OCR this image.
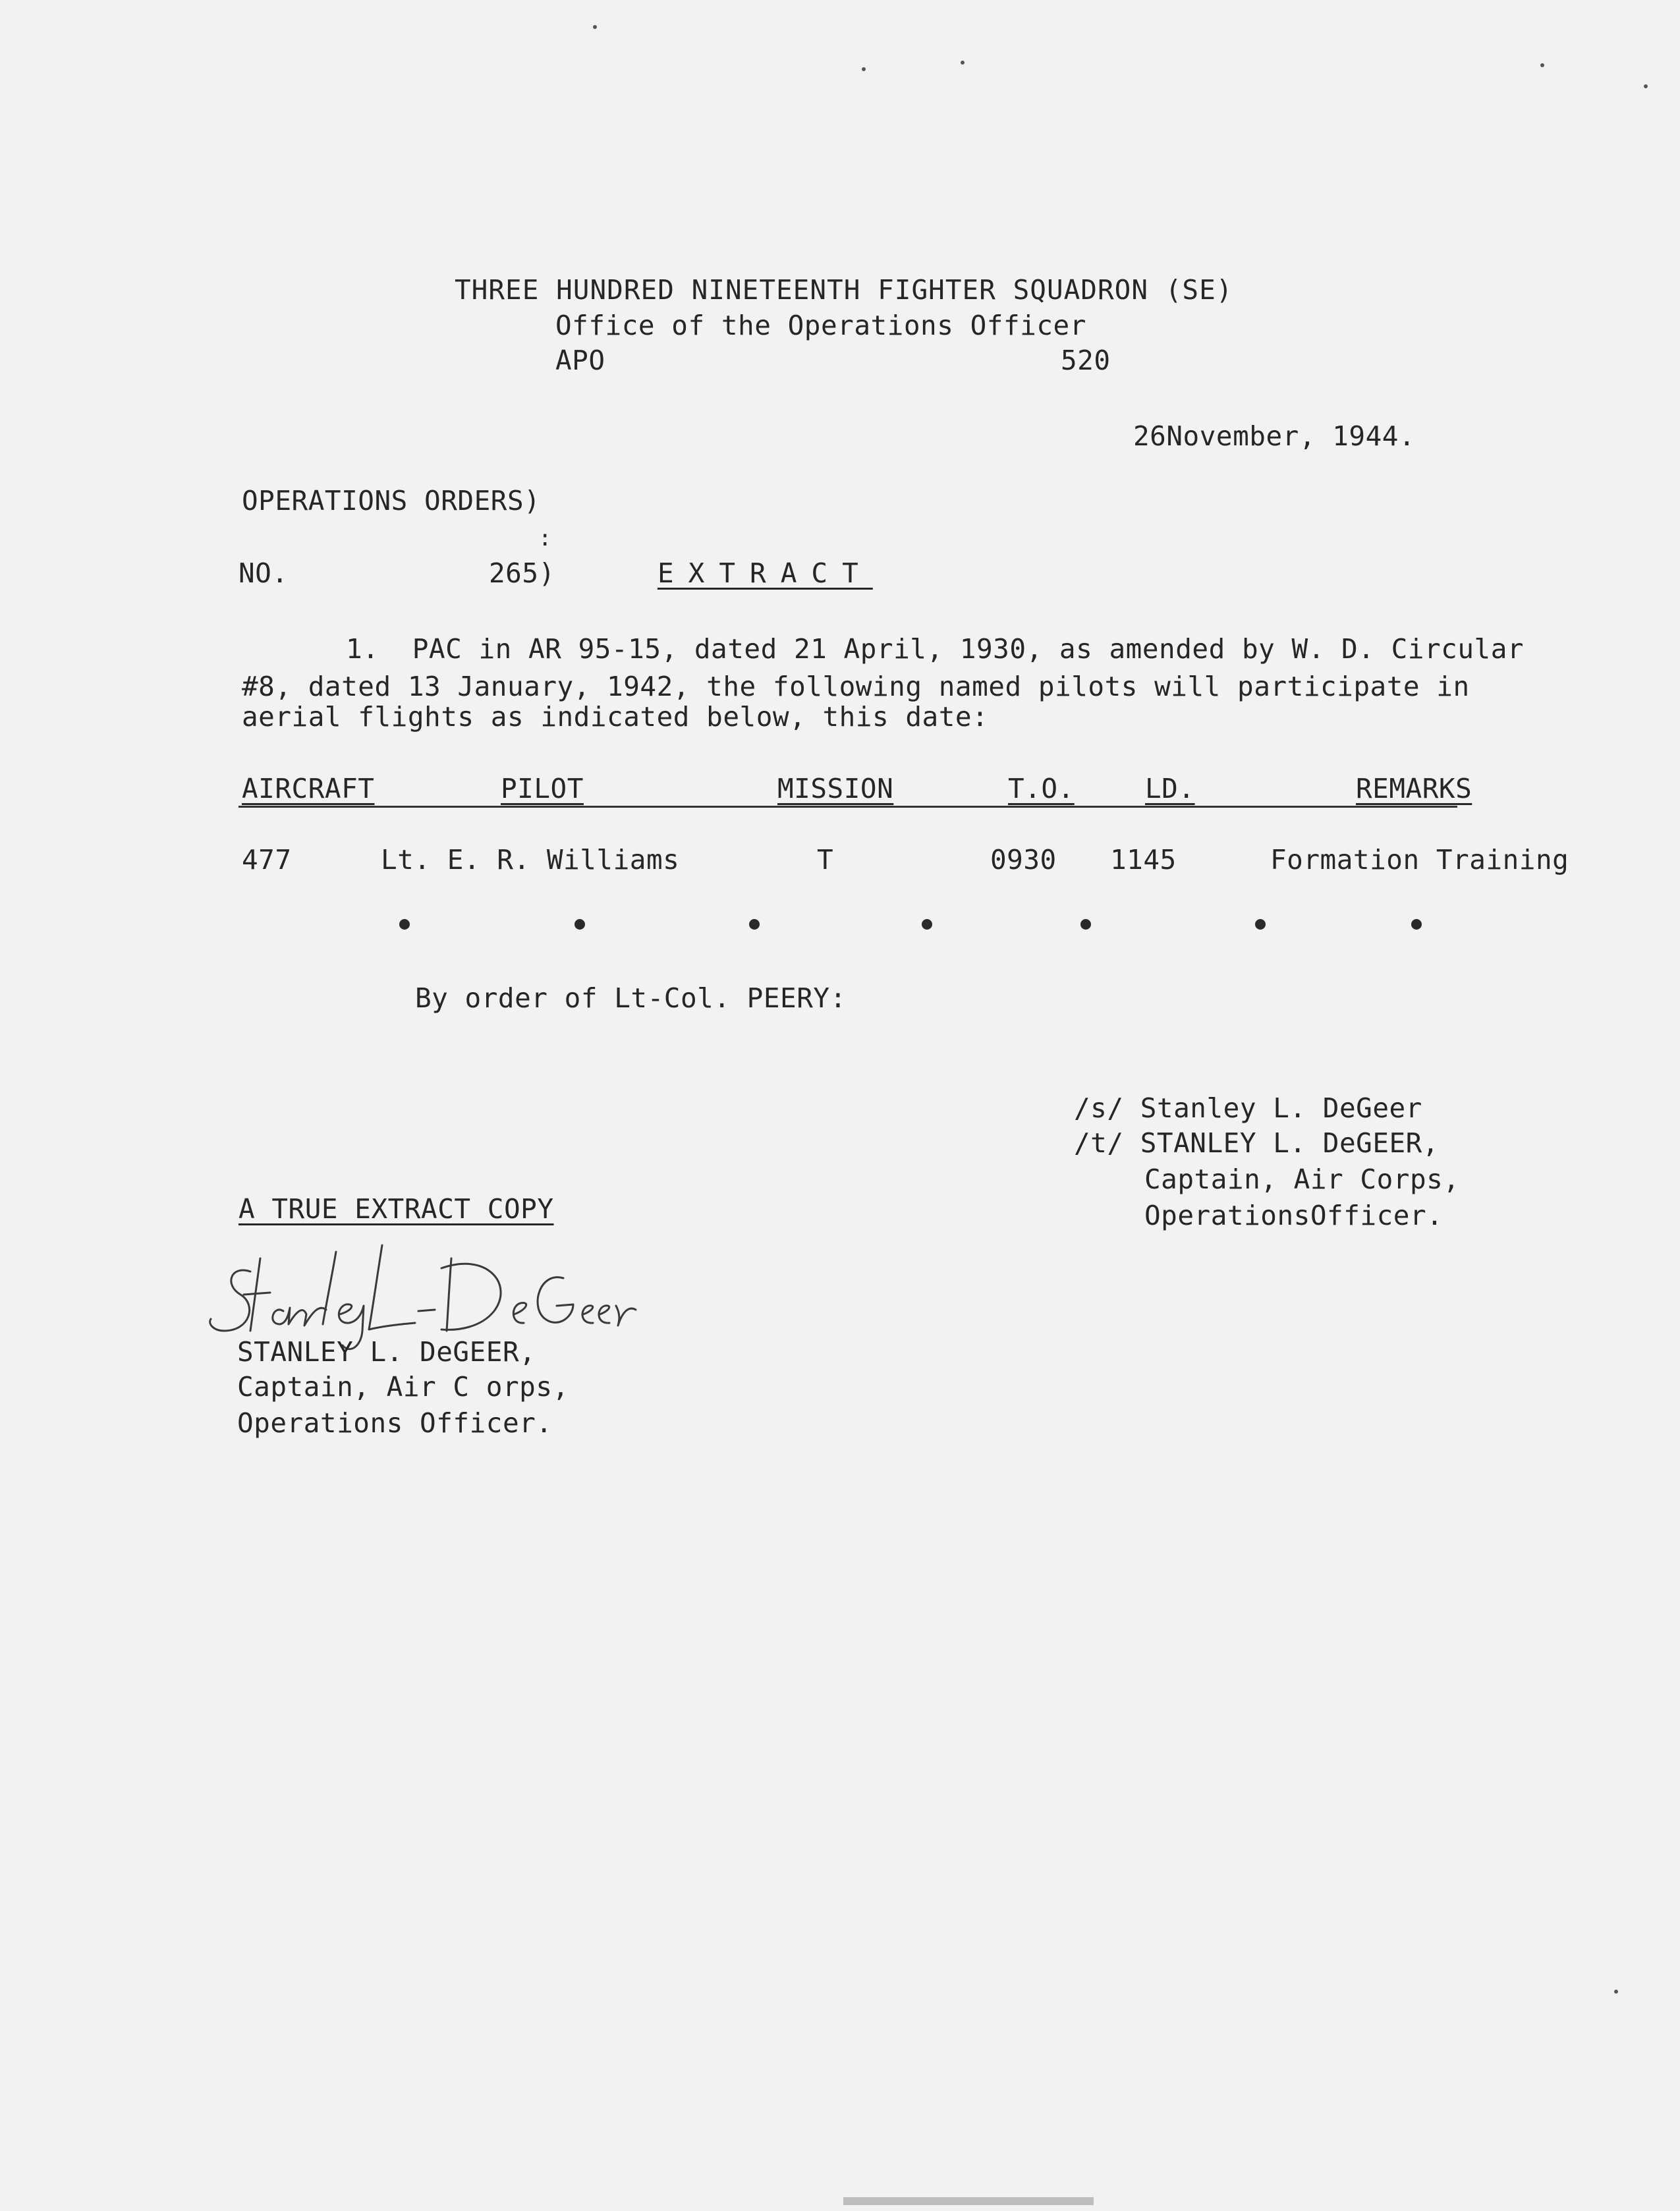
THREE HUNDRED NINETEENTH FIGHTER SQUADRON (SE)
Office of the Operations Officer
APO	520
26November, 1944.
OPERATIONS ORDERS)
:
NO.	265)	EXTRACT
1.  PAC in AR 95-15, dated 21 April, 1930, as amended by W. D. Circular
#8, dated 13 January, 1942, the following named pilots will participate in
aerial flights as indicated below, this date:
AIRCRAFT	PILOT	MISSION	T.O.	LD.	REMARKS
477	Lt. E. R. Williams	T	0930 1145	Formation Training
By order of Lt-Col. PEERY:
/s/ Stanley L. DeGeer
/t/ STANLEY L. DeGEER,
Captain, Air Corps,
OperationsOfficer.
A TRUE EXTRACT COPY
STANLEY L. DeGEER,
Captain, Air C orps,
Operations Officer.
